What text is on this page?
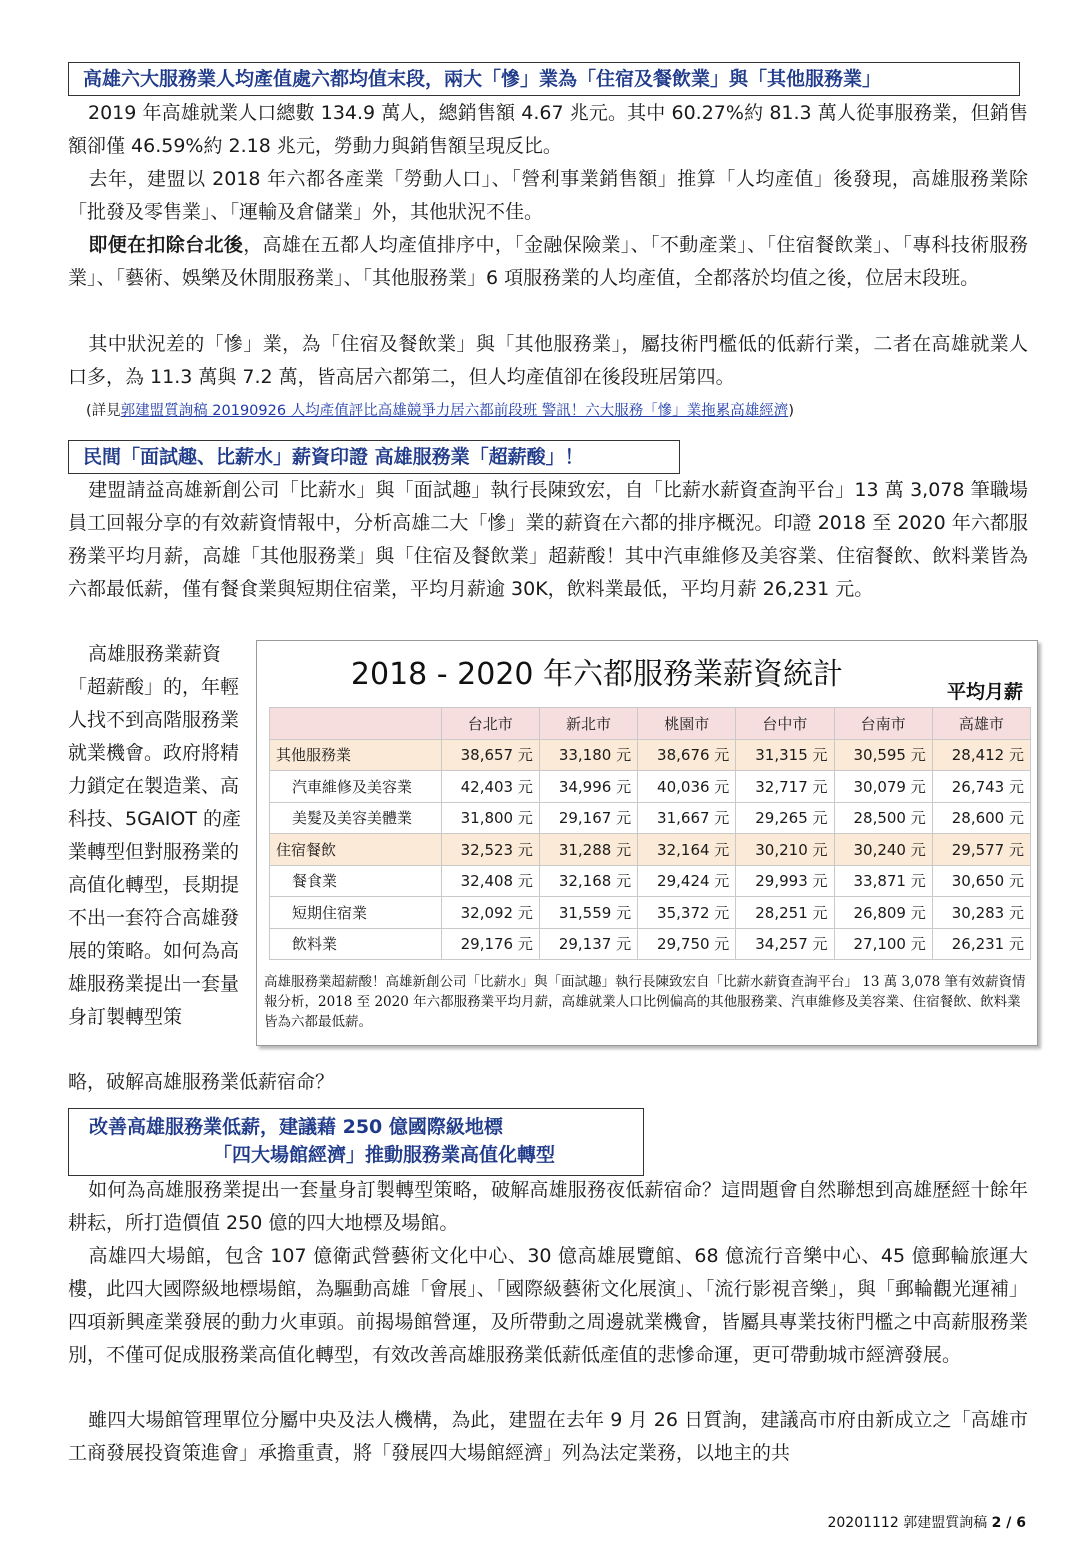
高雄六大服務業人均產值處六都均值末段，兩大「慘」業為「住宿及餐飲業」與「其他服務業」

2019 年高雄就業人口總數 134.9 萬人，總銷售額 4.67 兆元。其中 60.27%約 81.3 萬人從事服務業，但銷售額卻僅 46.59%約 2.18 兆元，勞動力與銷售額呈現反比。

去年，建盟以 2018 年六都各產業「勞動人口」、「營利事業銷售額」推算「人均產值」後發現，高雄服務業除「批發及零售業」、「運輸及倉儲業」外，其他狀況不佳。

即便在扣除台北後，高雄在五都人均產值排序中，「金融保險業」、「不動產業」、「住宿餐飲業」、「專科技術服務業」、「藝術、娛樂及休閒服務業」、「其他服務業」6 項服務業的人均產值，全都落於均值之後，位居末段班。

其中狀況差的「慘」業，為「住宿及餐飲業」與「其他服務業」，屬技術門檻低的低薪行業，二者在高雄就業人口多，為 11.3 萬與 7.2 萬，皆高居六都第二，但人均產值卻在後段班居第四。

(詳見郭建盟質詢稿 20190926 人均產值評比高雄競爭力居六都前段班 警訊！六大服務「慘」業拖累高雄經濟)
民間「面試趣、比薪水」薪資印證 高雄服務業「超薪酸」！

建盟請益高雄新創公司「比薪水」與「面試趣」執行長陳致宏，自「比薪水薪資查詢平台」13 萬 3,078 筆職場員工回報分享的有效薪資情報中，分析高雄二大「慘」業的薪資在六都的排序概況。印證 2018 至 2020 年六都服務業平均月薪，高雄「其他服務業」與「住宿及餐飲業」超薪酸！其中汽車維修及美容業、住宿餐飲、飲料業皆為六都最低薪，僅有餐食業與短期住宿業，平均月薪逾 30K，飲料業最低，平均月薪 26,231 元。

高雄服務業薪資「超薪酸」的，年輕人找不到高階服務業就業機會。政府將精力鎖定在製造業、高科技、5GAIOT 的產業轉型但對服務業的高值化轉型，長期提不出一套符合高雄發展的策略。如何為高雄服務業提出一套量身訂製轉型策

略，破解高雄服務業低薪宿命？

2018 - 2020 年六都服務業薪資統計	平均月薪
	台北市	新北市	桃園市	台中市	台南市	高雄市
其他服務業	38,657 元	33,180 元	38,676 元	31,315 元	30,595 元	28,412 元
汽車維修及美容業	42,403 元	34,996 元	40,036 元	32,717 元	30,079 元	26,743 元
美髮及美容美體業	31,800 元	29,167 元	31,667 元	29,265 元	28,500 元	28,600 元
住宿餐飲	32,523 元	31,288 元	32,164 元	30,210 元	30,240 元	29,577 元
餐食業	32,408 元	32,168 元	29,424 元	29,993 元	33,871 元	30,650 元
短期住宿業	32,092 元	31,559 元	35,372 元	28,251 元	26,809 元	30,283 元
飲料業	29,176 元	29,137 元	29,750 元	34,257 元	27,100 元	26,231 元
高雄服務業超薪酸！高雄新創公司「比薪水」與「面試趣」執行長陳致宏自「比薪水薪資查詢平台」 13 萬 3,078 筆有效薪資情報分析，2018 至 2020 年六都服務業平均月薪，高雄就業人口比例偏高的其他服務業、汽車維修及美容業、住宿餐飲、飲料業皆為六都最低薪。
改善高雄服務業低薪，建議藉 250 億國際級地標
「四大場館經濟」推動服務業高值化轉型

如何為高雄服務業提出一套量身訂製轉型策略，破解高雄服務夜低薪宿命？這問題會自然聯想到高雄歷經十餘年耕耘，所打造價值 250 億的四大地標及場館。

高雄四大場館，包含 107 億衛武營藝術文化中心、30 億高雄展覽館、68 億流行音樂中心、45 億郵輪旅運大樓，此四大國際級地標場館，為驅動高雄「會展」、「國際級藝術文化展演」、「流行影視音樂」，與「郵輪觀光運補」四項新興產業發展的動力火車頭。前揭場館營運，及所帶動之周邊就業機會，皆屬具專業技術門檻之中高薪服務業別，不僅可促成服務業高值化轉型，有效改善高雄服務業低薪低產值的悲慘命運，更可帶動城市經濟發展。

雖四大場館管理單位分屬中央及法人機構，為此，建盟在去年 9 月 26 日質詢，建議高市府由新成立之「高雄市工商發展投資策進會」承擔重責，將「發展四大場館經濟」列為法定業務，以地主的共

20201112 郭建盟質詢稿 2 / 6
